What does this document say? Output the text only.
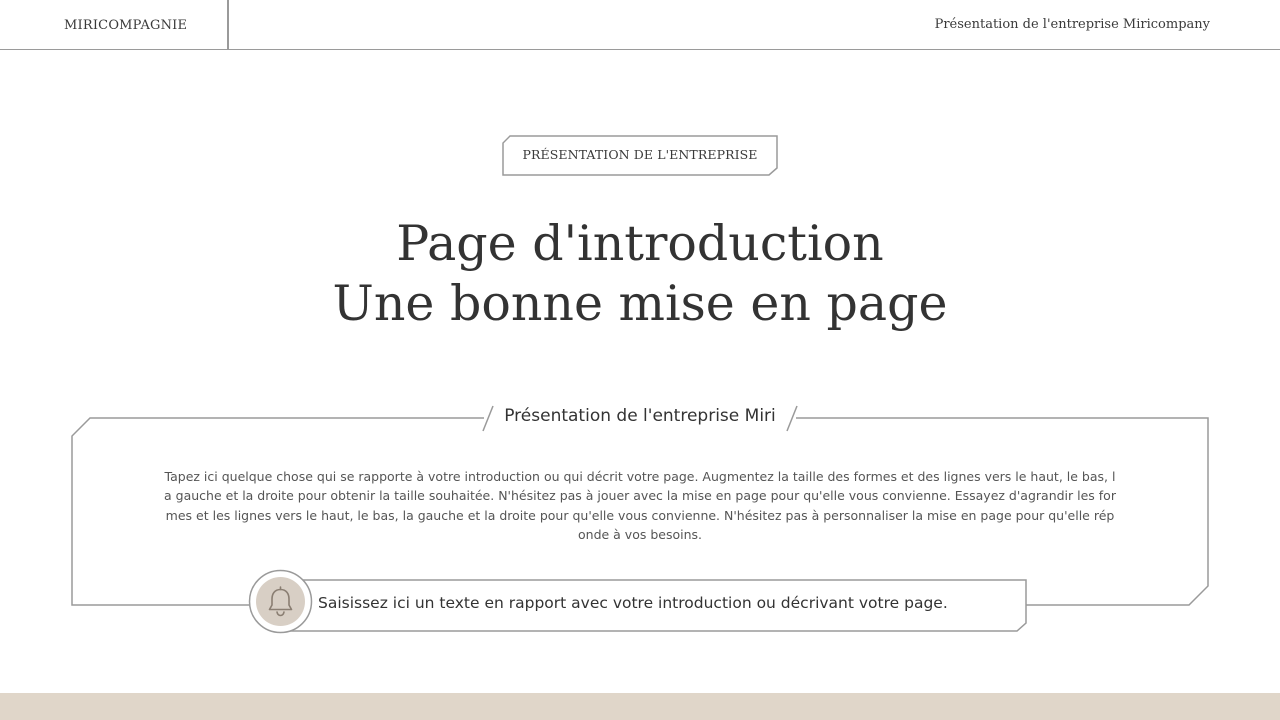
MIRICOMPAGNIE	Présentation de l'entreprise Miricompany
PRÉSENTATION DE L'ENTREPRISE
Page d'introduction
Une bonne mise en page
Présentation de l'entreprise Miri
Tapez ici quelque chose qui se rapporte à votre introduction ou qui décrit votre page. Augmentez la taille des formes et des lignes vers le haut, le bas, la gauche et la droite pour obtenir la taille souhaitée. N'hésitez pas à jouer avec la mise en page pour qu'elle vous convienne. Essayez d'agrandir les formes et les lignes vers le haut, le bas, la gauche et la droite pour qu'elle vous convienne. N'hésitez pas à personnaliser la mise en page pour qu'elle réponde à vos besoins.
Saisissez ici un texte en rapport avec votre introduction ou décrivant votre page.
